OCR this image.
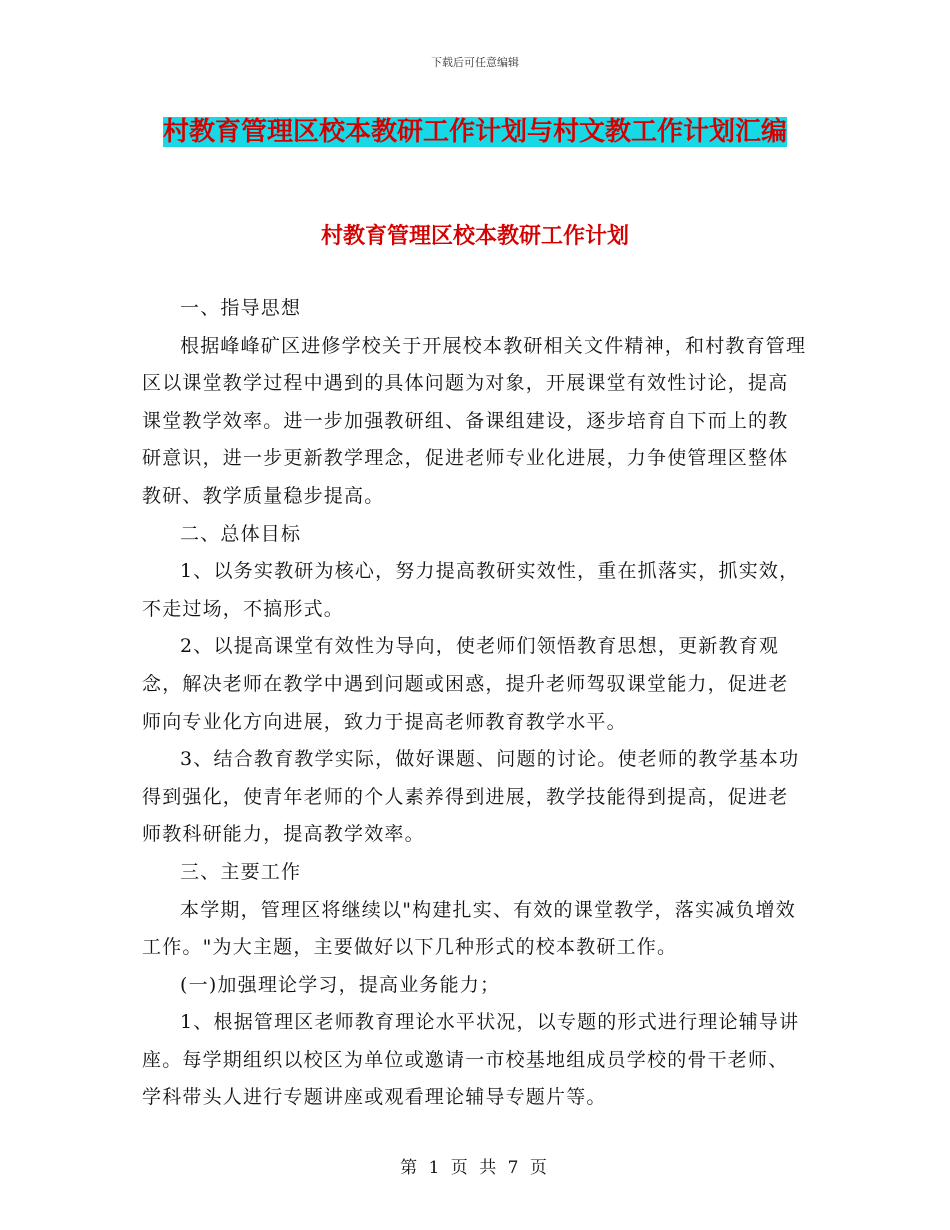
下载后可任意编辑
村教育管理区校本教研工作计划与村文教工作计划汇编
村教育管理区校本教研工作计划

一、指导思想

根据峰峰矿区进修学校关于开展校本教研相关文件精神，和村教育管理区以课堂教学过程中遇到的具体问题为对象，开展课堂有效性讨论，提高课堂教学效率。进一步加强教研组、备课组建设，逐步培育自下而上的教研意识，进一步更新教学理念，促进老师专业化进展，力争使管理区整体教研、教学质量稳步提高。

二、总体目标

1、以务实教研为核心，努力提高教研实效性，重在抓落实，抓实效，不走过场，不搞形式。

2、以提高课堂有效性为导向，使老师们领悟教育思想，更新教育观念，解决老师在教学中遇到问题或困惑，提升老师驾驭课堂能力，促进老师向专业化方向进展，致力于提高老师教育教学水平。

3、结合教育教学实际，做好课题、问题的讨论。使老师的教学基本功得到强化，使青年老师的个人素养得到进展，教学技能得到提高，促进老师教科研能力，提高教学效率。

三、主要工作

本学期，管理区将继续以"构建扎实、有效的课堂教学，落实减负增效工作。"为大主题，主要做好以下几种形式的校本教研工作。

(一)加强理论学习，提高业务能力；

1、根据管理区老师教育理论水平状况，以专题的形式进行理论辅导讲座。每学期组织以校区为单位或邀请一市校基地组成员学校的骨干老师、学科带头人进行专题讲座或观看理论辅导专题片等。

第 1 页 共 7 页
